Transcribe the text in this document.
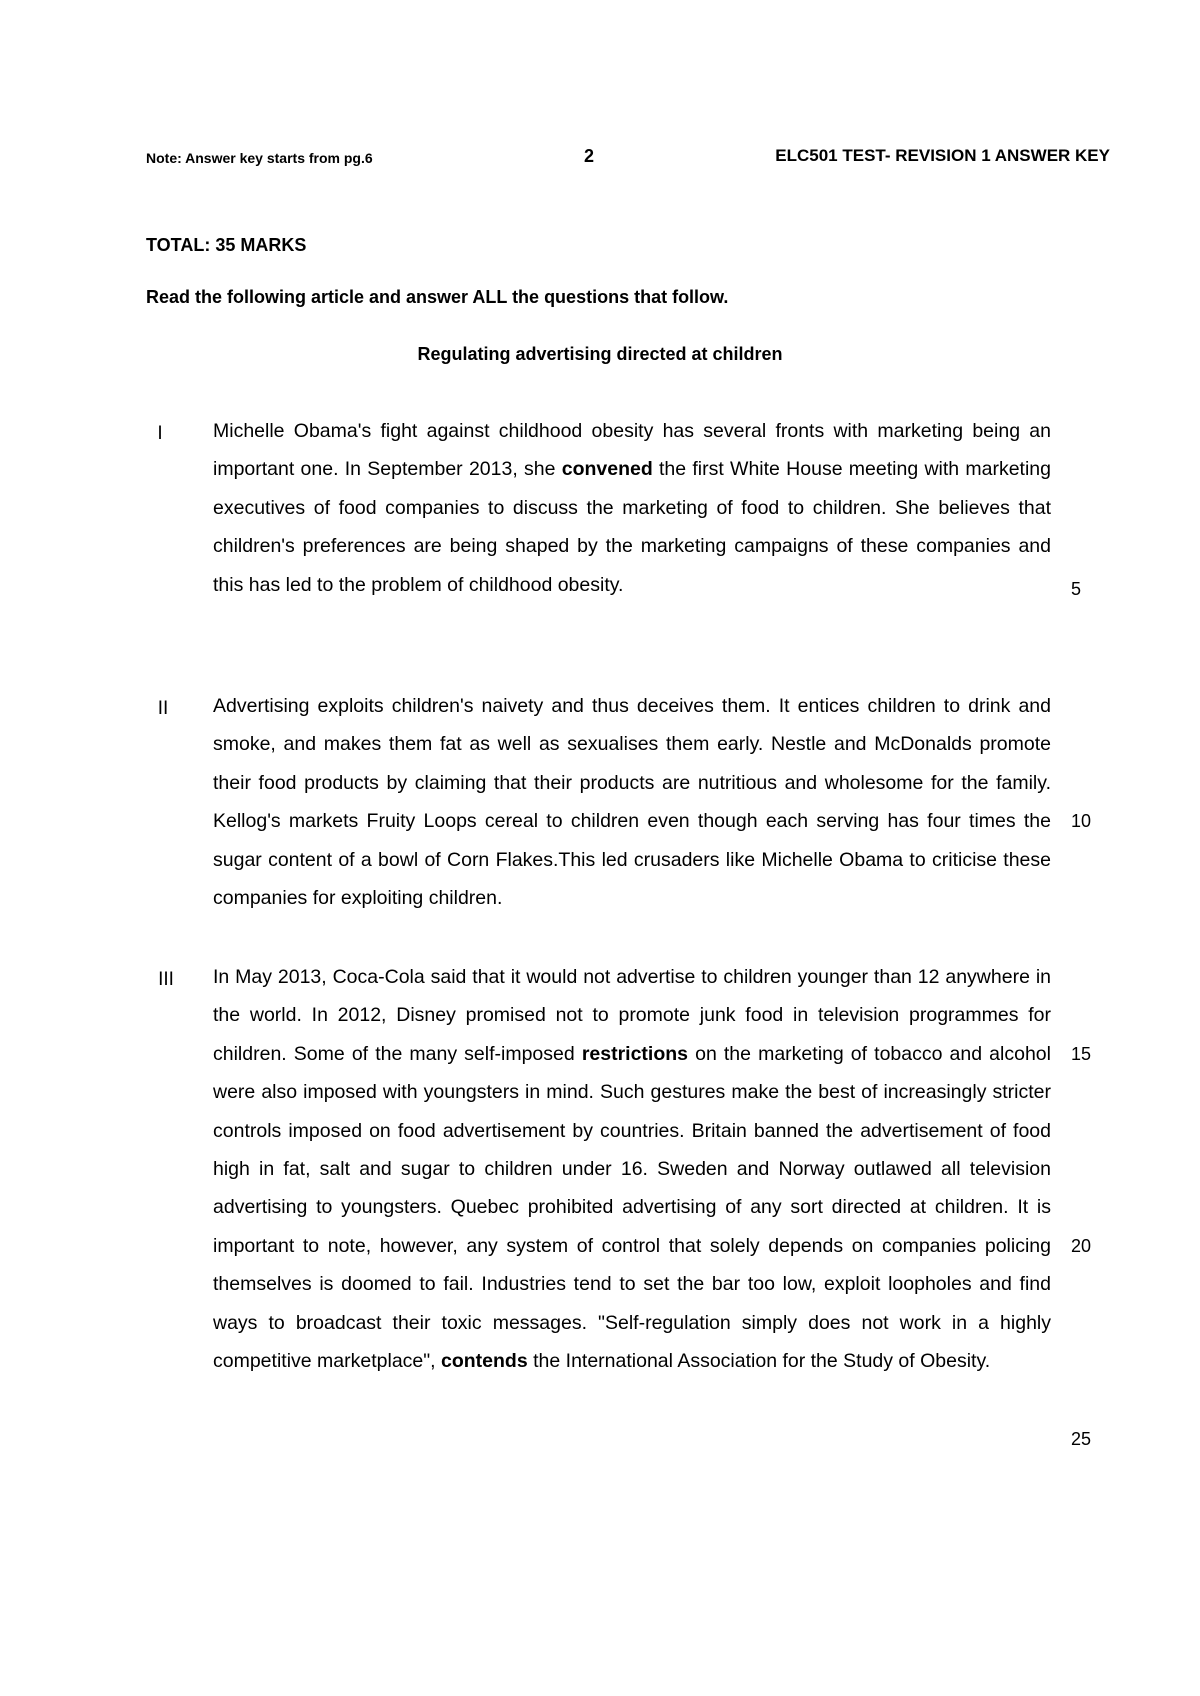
Note: Answer key starts from pg.6	2	ELC501 TEST- REVISION 1 ANSWER KEY
TOTAL: 35 MARKS
Read the following article and answer ALL the questions that follow.
Regulating advertising directed at children
I	Michelle Obama's fight against childhood obesity has several fronts with marketing being an important one. In September 2013, she convened the first White House meeting with marketing executives of food companies to discuss the marketing of food to children. She believes that children's preferences are being shaped by the marketing campaigns of these companies and this has led to the problem of childhood obesity.
II	Advertising exploits children's naivety and thus deceives them. It entices children to drink and smoke, and makes them fat as well as sexualises them early. Nestle and McDonalds promote their food products by claiming that their products are nutritious and wholesome for the family. Kellog's markets Fruity Loops cereal to children even though each serving has four times the sugar content of a bowl of Corn Flakes.This led crusaders like Michelle Obama to criticise these companies for exploiting children.
III	In May 2013, Coca-Cola said that it would not advertise to children younger than 12 anywhere in the world. In 2012, Disney promised not to promote junk food in television programmes for children. Some of the many self-imposed restrictions on the marketing of tobacco and alcohol were also imposed with youngsters in mind. Such gestures make the best of increasingly stricter controls imposed on food advertisement by countries. Britain banned the advertisement of food high in fat, salt and sugar to children under 16. Sweden and Norway outlawed all television advertising to youngsters. Quebec prohibited advertising of any sort directed at children. It is important to note, however, any system of control that solely depends on companies policing themselves is doomed to fail. Industries tend to set the bar too low, exploit loopholes and find ways to broadcast their toxic messages. "Self-regulation simply does not work in a highly competitive marketplace", contends the International Association for the Study of Obesity.
5
10
15
20
25
